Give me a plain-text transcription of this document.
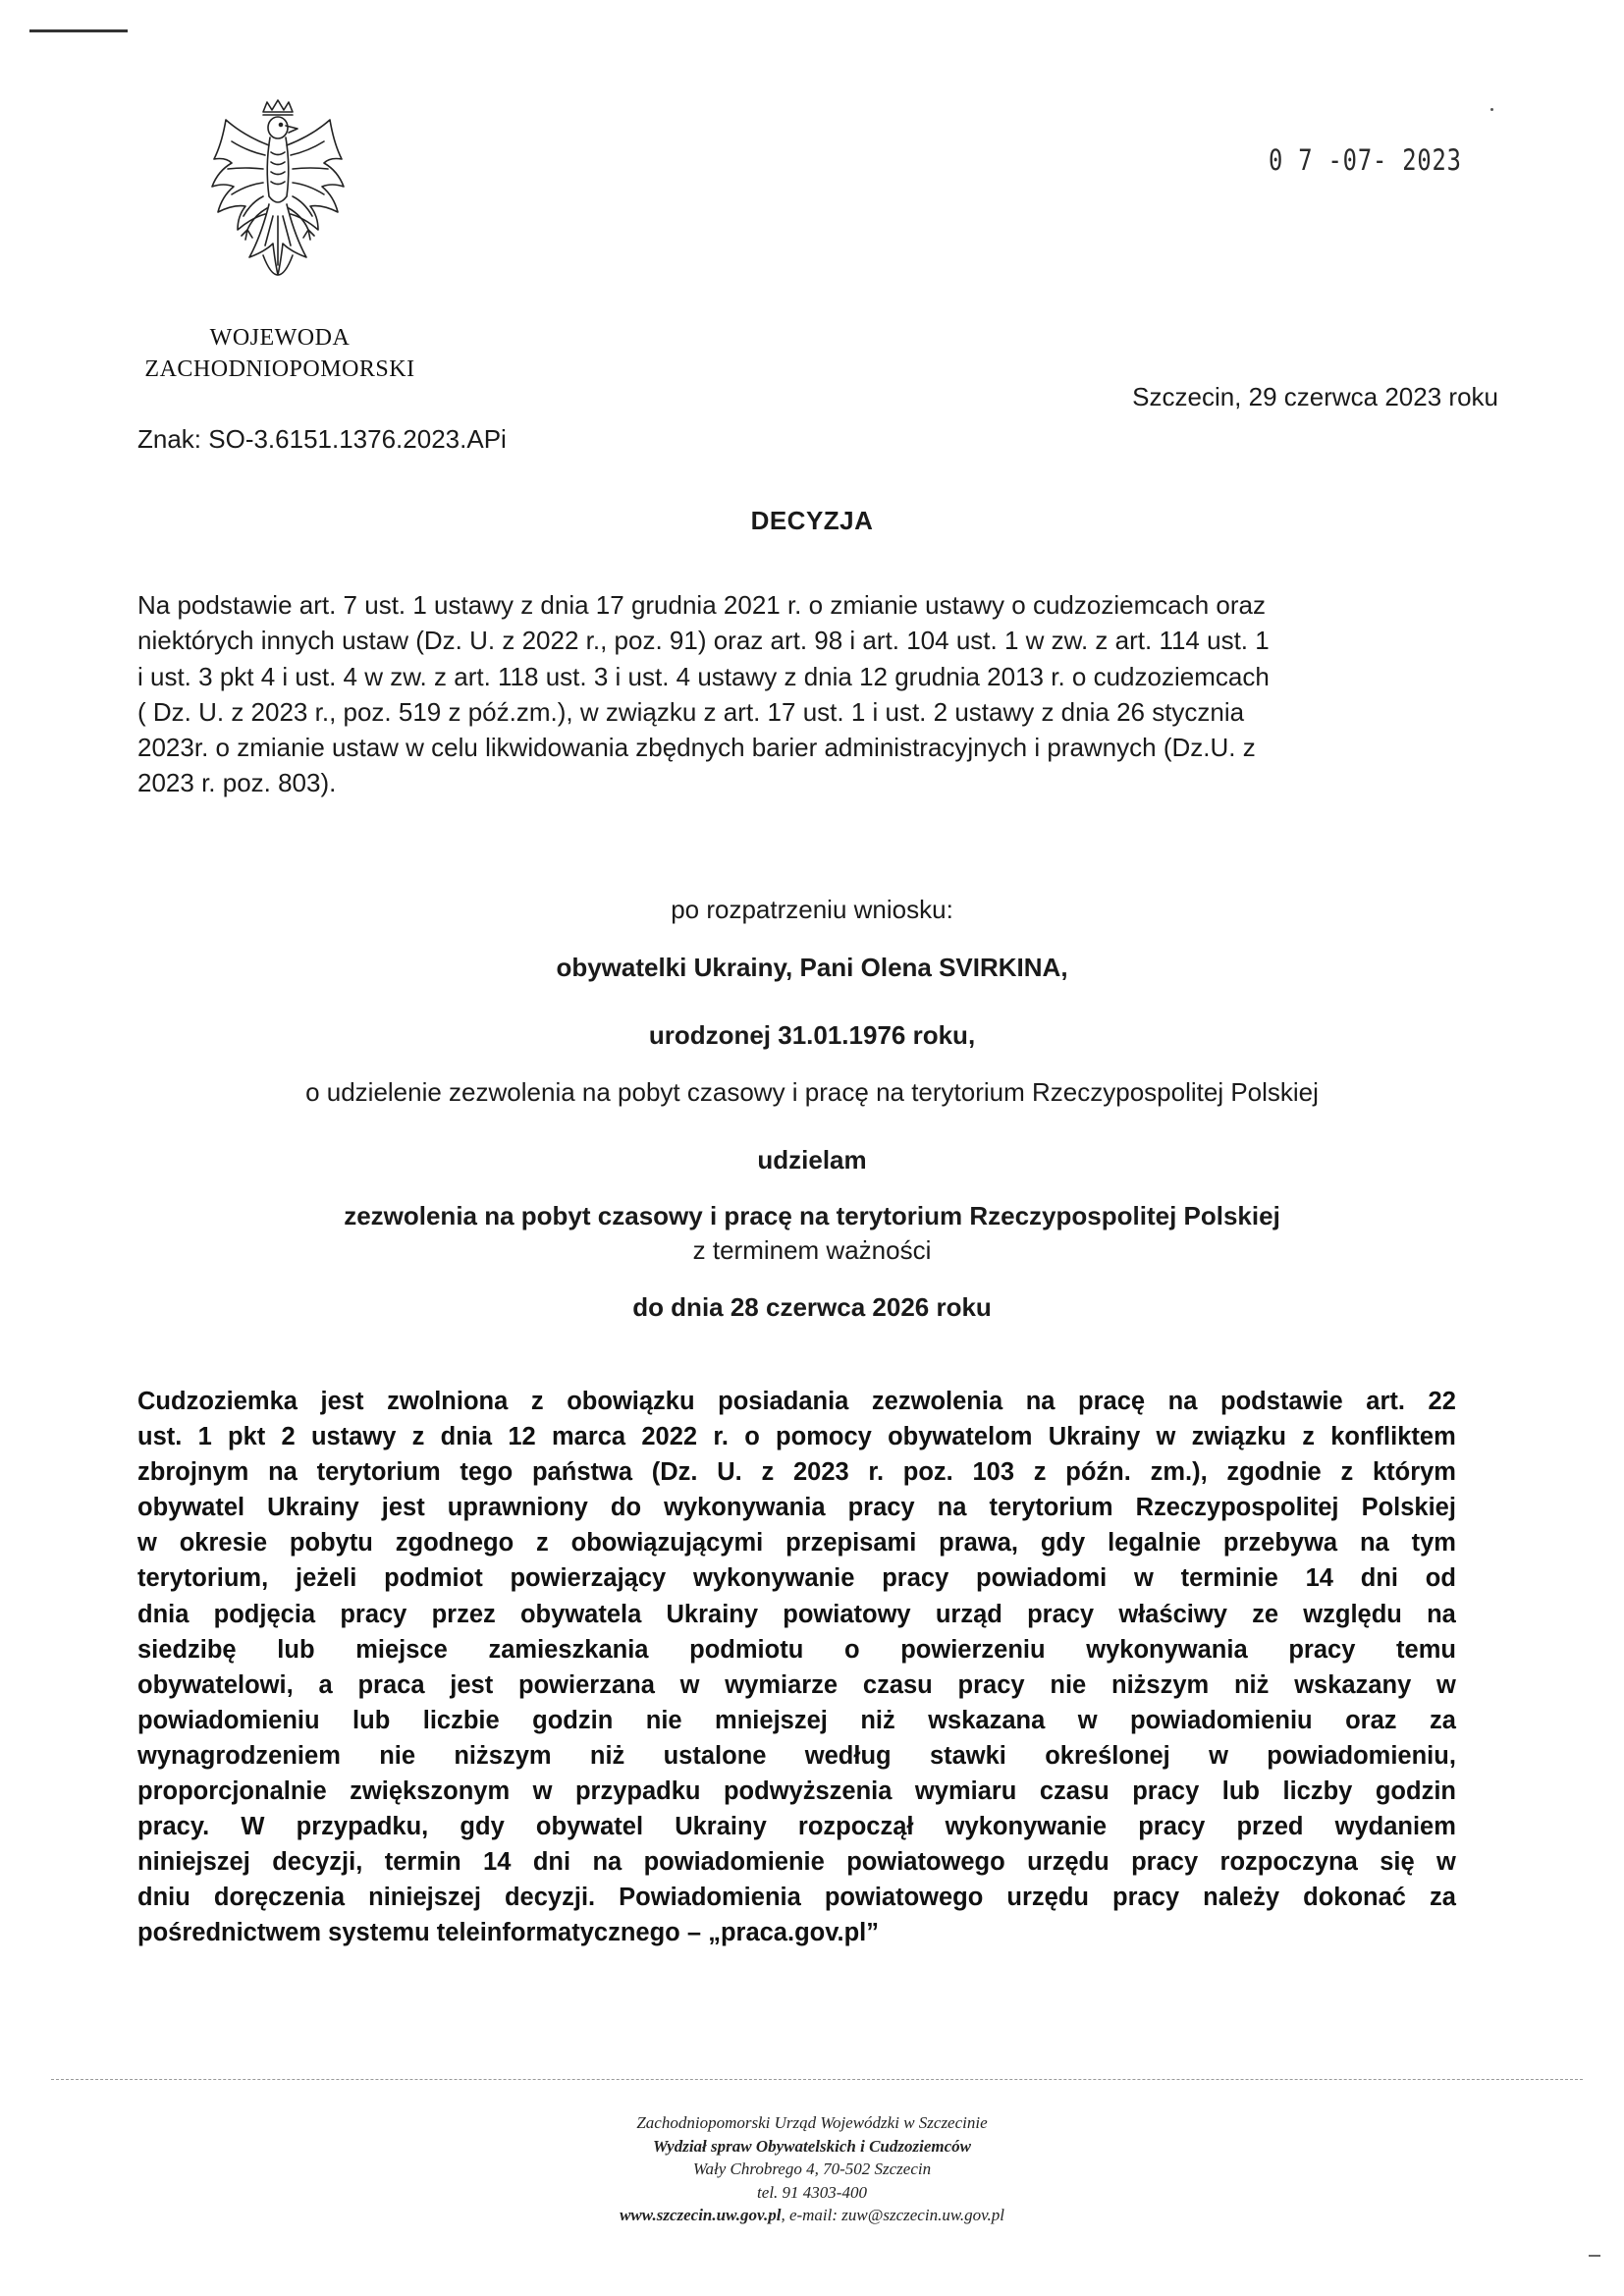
WOJEWODA
ZACHODNIOPOMORSKI
0 7 -07- 2023
Szczecin, 29 czerwca 2023 roku
Znak: SO-3.6151.1376.2023.APi
DECYZJA
Na podstawie art. 7 ust. 1 ustawy z dnia 17 grudnia 2021 r. o zmianie ustawy o cudzoziemcach oraz
niektórych innych ustaw (Dz. U. z 2022 r., poz. 91) oraz art. 98 i art. 104 ust. 1 w zw. z art. 114 ust. 1
i ust. 3 pkt 4 i ust. 4 w zw. z art. 118 ust. 3 i ust. 4 ustawy z dnia 12 grudnia 2013 r. o cudzoziemcach
( Dz. U. z 2023 r., poz. 519 z póź.zm.), w związku z art. 17 ust. 1 i ust. 2 ustawy z dnia 26 stycznia
2023r. o zmianie ustaw w celu likwidowania zbędnych barier administracyjnych i prawnych (Dz.U. z
2023 r. poz. 803).
po rozpatrzeniu wniosku:
obywatelki Ukrainy, Pani Olena SVIRKINA,
urodzonej 31.01.1976 roku,
o udzielenie zezwolenia na pobyt czasowy i pracę na terytorium Rzeczypospolitej Polskiej
udzielam
zezwolenia na pobyt czasowy i pracę na terytorium Rzeczypospolitej Polskiej
z terminem ważności
do dnia 28 czerwca 2026 roku
Cudzoziemka jest zwolniona z obowiązku posiadania zezwolenia na pracę na podstawie art. 22
ust. 1 pkt 2 ustawy z dnia 12 marca 2022 r. o pomocy obywatelom Ukrainy w związku z konfliktem
zbrojnym na terytorium tego państwa (Dz. U. z 2023 r. poz. 103 z późn. zm.), zgodnie z którym
obywatel Ukrainy jest uprawniony do wykonywania pracy na terytorium Rzeczypospolitej Polskiej
w okresie pobytu zgodnego z obowiązującymi przepisami prawa, gdy legalnie przebywa na tym
terytorium, jeżeli podmiot powierzający wykonywanie pracy powiadomi w terminie 14 dni od
dnia podjęcia pracy przez obywatela Ukrainy powiatowy urząd pracy właściwy ze względu na
siedzibę lub miejsce zamieszkania podmiotu o powierzeniu wykonywania pracy temu
obywatelowi, a praca jest powierzana w wymiarze czasu pracy nie niższym niż wskazany w
powiadomieniu lub liczbie godzin nie mniejszej niż wskazana w powiadomieniu oraz za
wynagrodzeniem nie niższym niż ustalone według stawki określonej w powiadomieniu,
proporcjonalnie zwiększonym w przypadku podwyższenia wymiaru czasu pracy lub liczby godzin
pracy. W przypadku, gdy obywatel Ukrainy rozpoczął wykonywanie pracy przed wydaniem
niniejszej decyzji, termin 14 dni na powiadomienie powiatowego urzędu pracy rozpoczyna się w
dniu doręczenia niniejszej decyzji. Powiadomienia powiatowego urzędu pracy należy dokonać za
pośrednictwem systemu teleinformatycznego – „praca.gov.pl”
Zachodniopomorski Urząd Wojewódzki w Szczecinie
Wydział spraw Obywatelskich i Cudzoziemców
Wały Chrobrego 4, 70-502 Szczecin
tel. 91 4303-400
www.szczecin.uw.gov.pl, e-mail: zuw@szczecin.uw.gov.pl
